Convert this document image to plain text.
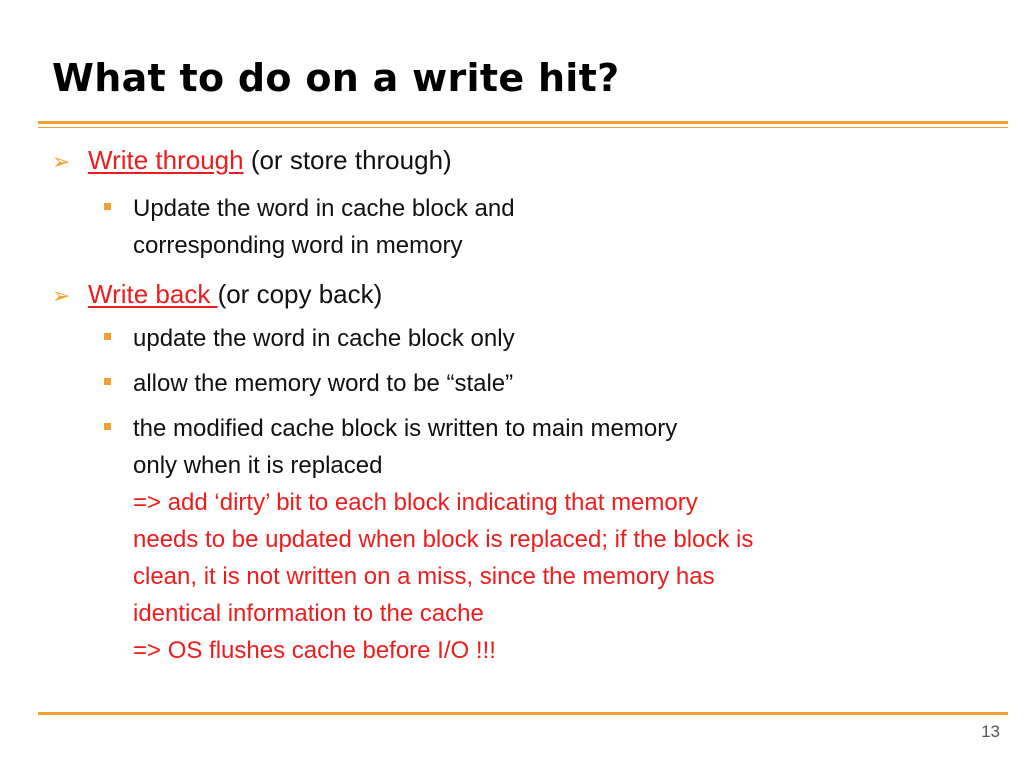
What to do on a write hit?
➢ Write through (or store through)
Update the word in cache block and
corresponding word in memory
➢ Write back (or copy back)
update the word in cache block only
allow the memory word to be “stale”
the modified cache block is written to main memory
only when it is replaced
=> add ‘dirty’ bit to each block indicating that memory
needs to be updated when block is replaced; if the block is
clean, it is not written on a miss, since the memory has
identical information to the cache
=> OS flushes cache before I/O !!!
13
